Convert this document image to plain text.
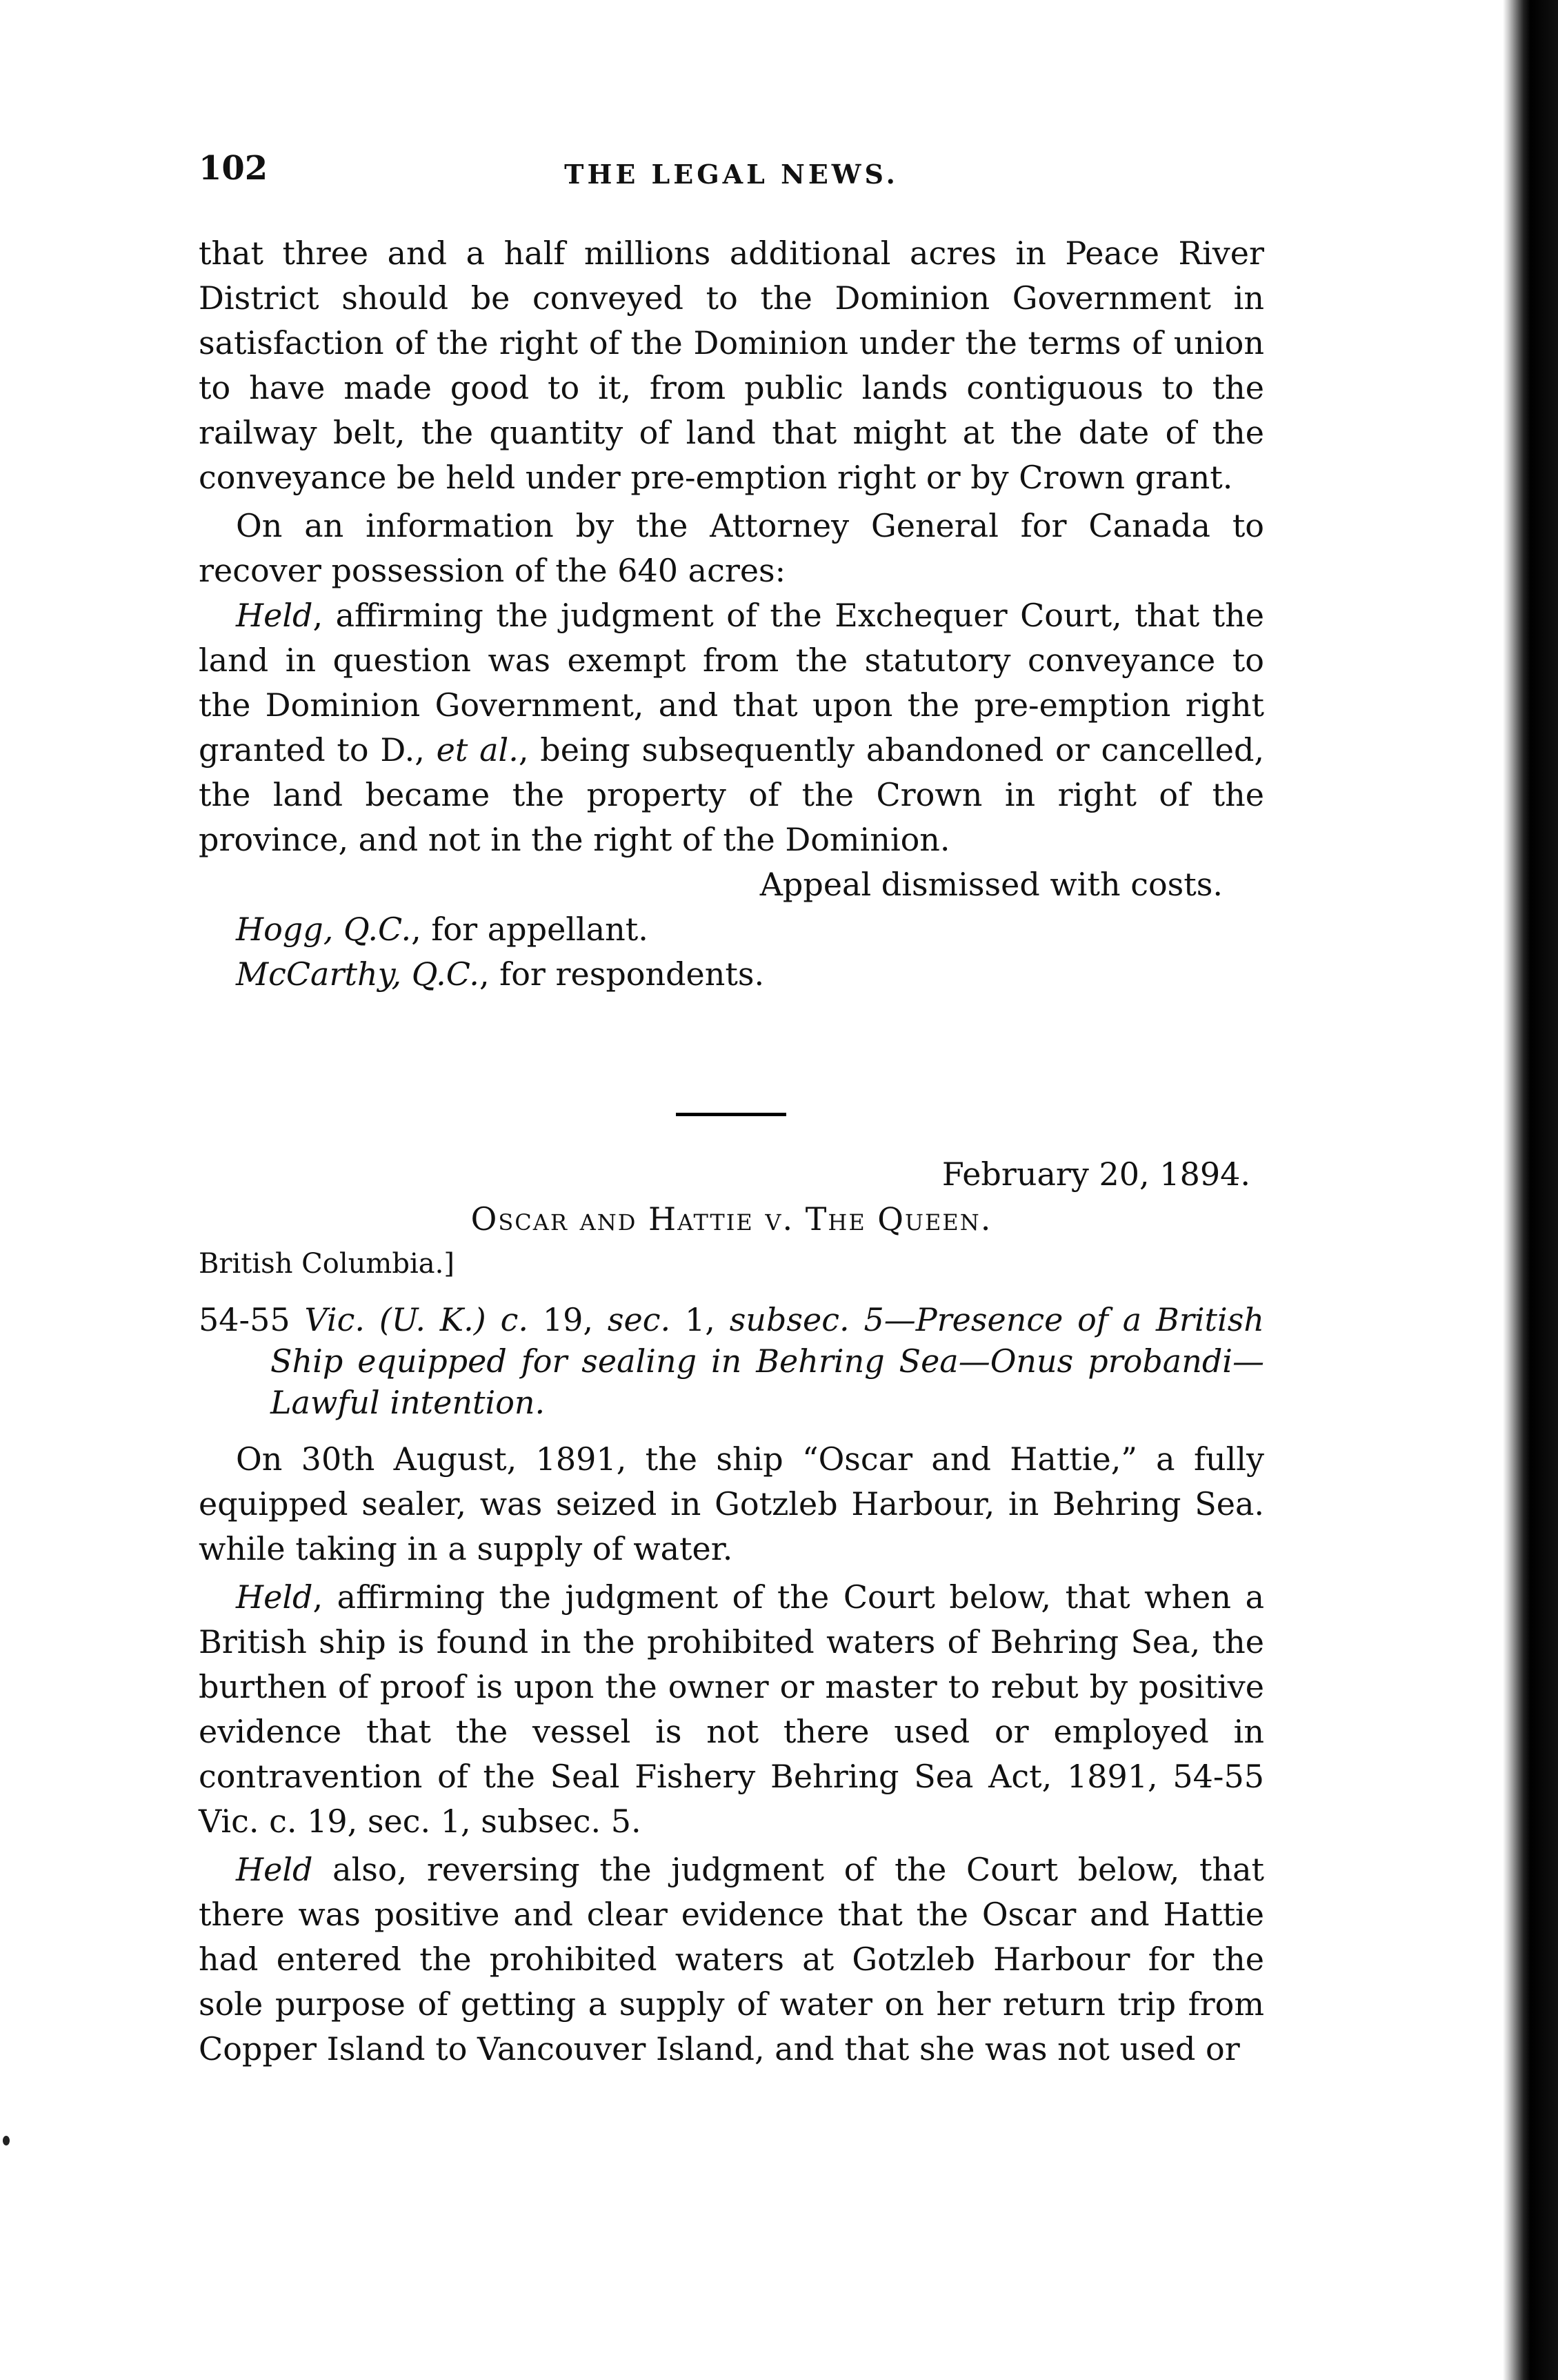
102	THE LEGAL NEWS.

that three and a half millions additional acres in Peace River District should be conveyed to the Dominion Government in satisfaction of the right of the Dominion under the terms of union to have made good to it, from public lands contiguous to the railway belt, the quantity of land that might at the date of the conveyance be held under pre-emption right or by Crown grant.

On an information by the Attorney General for Canada to recover possession of the 640 acres:

Held, affirming the judgment of the Exchequer Court, that the land in question was exempt from the statutory conveyance to the Dominion Government, and that upon the pre-emption right granted to D., et al., being subsequently abandoned or cancelled, the land became the property of the Crown in right of the province, and not in the right of the Dominion.

Appeal dismissed with costs.

Hogg, Q.C., for appellant.

McCarthy, Q.C., for respondents.

February 20, 1894.

Oscar and Hattie v. The Queen.

British Columbia.]

54-55 Vic. (U. K.) c. 19, sec. 1, subsec. 5—Presence of a British Ship equipped for sealing in Behring Sea—Onus probandi—Lawful intention.

On 30th August, 1891, the ship “Oscar and Hattie,” a fully equipped sealer, was seized in Gotzleb Harbour, in Behring Sea. while taking in a supply of water.

Held, affirming the judgment of the Court below, that when a British ship is found in the prohibited waters of Behring Sea, the burthen of proof is upon the owner or master to rebut by positive evidence that the vessel is not there used or employed in contravention of the Seal Fishery Behring Sea Act, 1891, 54-55 Vic. c. 19, sec. 1, subsec. 5.

Held also, reversing the judgment of the Court below, that there was positive and clear evidence that the Oscar and Hattie had entered the prohibited waters at Gotzleb Harbour for the sole purpose of getting a supply of water on her return trip from Copper Island to Vancouver Island, and that she was not used or
